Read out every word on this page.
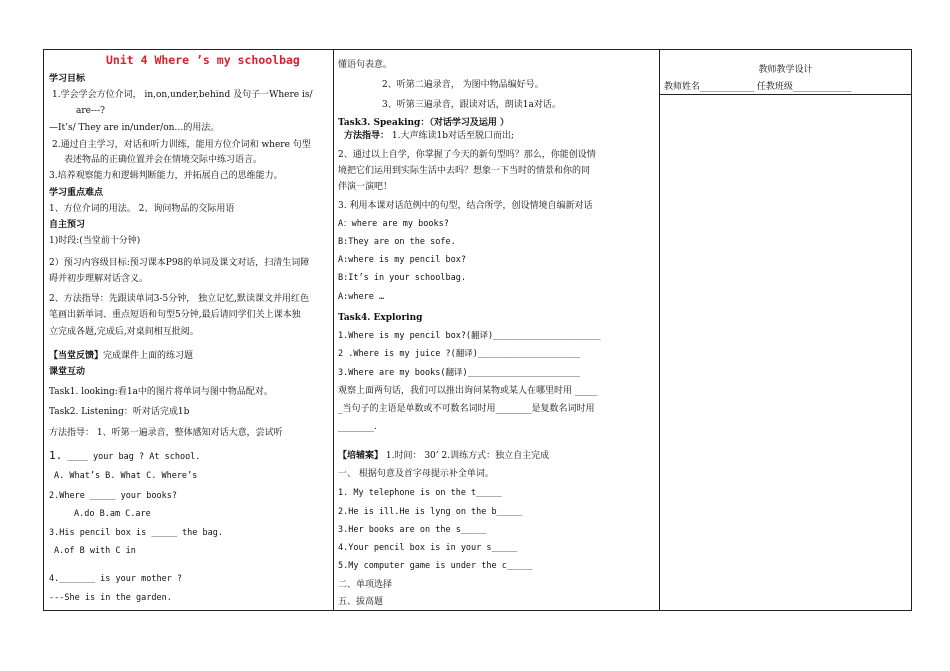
Unit 4 Where ’s my schoolbag
学习目标
1.学会学会方位介词， in,on,under,behind 及句子一Where is/
are---?
—It’s/ They are in/under/on…的用法。
2.通过自主学习，对话和听力训练，能用方位介词和 where 句型
表述物品的正确位置并会在情境交际中练习语言。
3.培养观察能力和逻辑判断能力，并拓展自己的思维能力。
学习重点难点
1、方位介词的用法。 2、询问物品的交际用语
自主预习
1)时段:(当堂前十分钟)
2）预习内容级目标:预习课本P98的单词及课文对话，扫清生词障
碍并初步理解对话含义。
2、方法指导：先跟读单词3-5分钟， 独立记忆,默读课文并用红色
笔画出新单词、重点短语和句型5分钟,最后请同学们关上课本独
立完成各题,完成后,对桌间相互批阅。
【当堂反馈】完成课件上面的练习题
课堂互动
Task1. looking:看1a中的图片将单词与图中物品配对。
Task2. Listening：听对话完成1b
方法指导： 1、听第一遍录音，整体感知对话大意，尝试听
1. ____ your bag ? At school.
A. What’s B. What C. Where’s
2.Where _____ your books?
A.do B.am C.are
3.His pencil box is _____ the bag.
A.of B with C in
4._______ is your mother ?
---She is in the garden.
懂语句表意。
2、听第二遍录音， 为图中物品编好号。
3、听第三遍录音，跟读对话，朗读1a对话。
Task3. Speaking：（对话学习及运用 ）
方法指导： 1.大声练读1b对话至脱口而出;
2、通过以上自学，你掌握了今天的新句型吗？那么，你能创设情
境把它们运用到实际生活中去吗？想象一下当时的情景和你的同
伴演一演吧！
3. 利用本课对话范例中的句型，结合所学，创设情境自编新对话
A：where are my books?
B:They are on the sofe.
A:where is my pencil box?
B:It’s in your schoolbag.
A:where …
Task4. Exploring
1.Where is my pencil box?(翻译)_____________________
2 .Where is my juice ?(翻译)____________________
3.Where are my books(翻译)______________________
观察上面两句话，我们可以推出询问某物或某人在哪里时用 _____
_当句子的主语是单数或不可数名词时用________是复数名词时用
________.
【培辅案】 1.时间： 30’ 2.训练方式：独立自主完成
一、 根据句意及首字母提示补全单词。
1. My telephone is on the t_____
2.He is ill.He is lyng on the b_____
3.Her books are on the s_____
4.Your pencil box is in your s_____
5.My computer game is under the c_____
二、单项选择
五、拔高题
教师教学设计
教师姓名____________ 任教班级_____________
